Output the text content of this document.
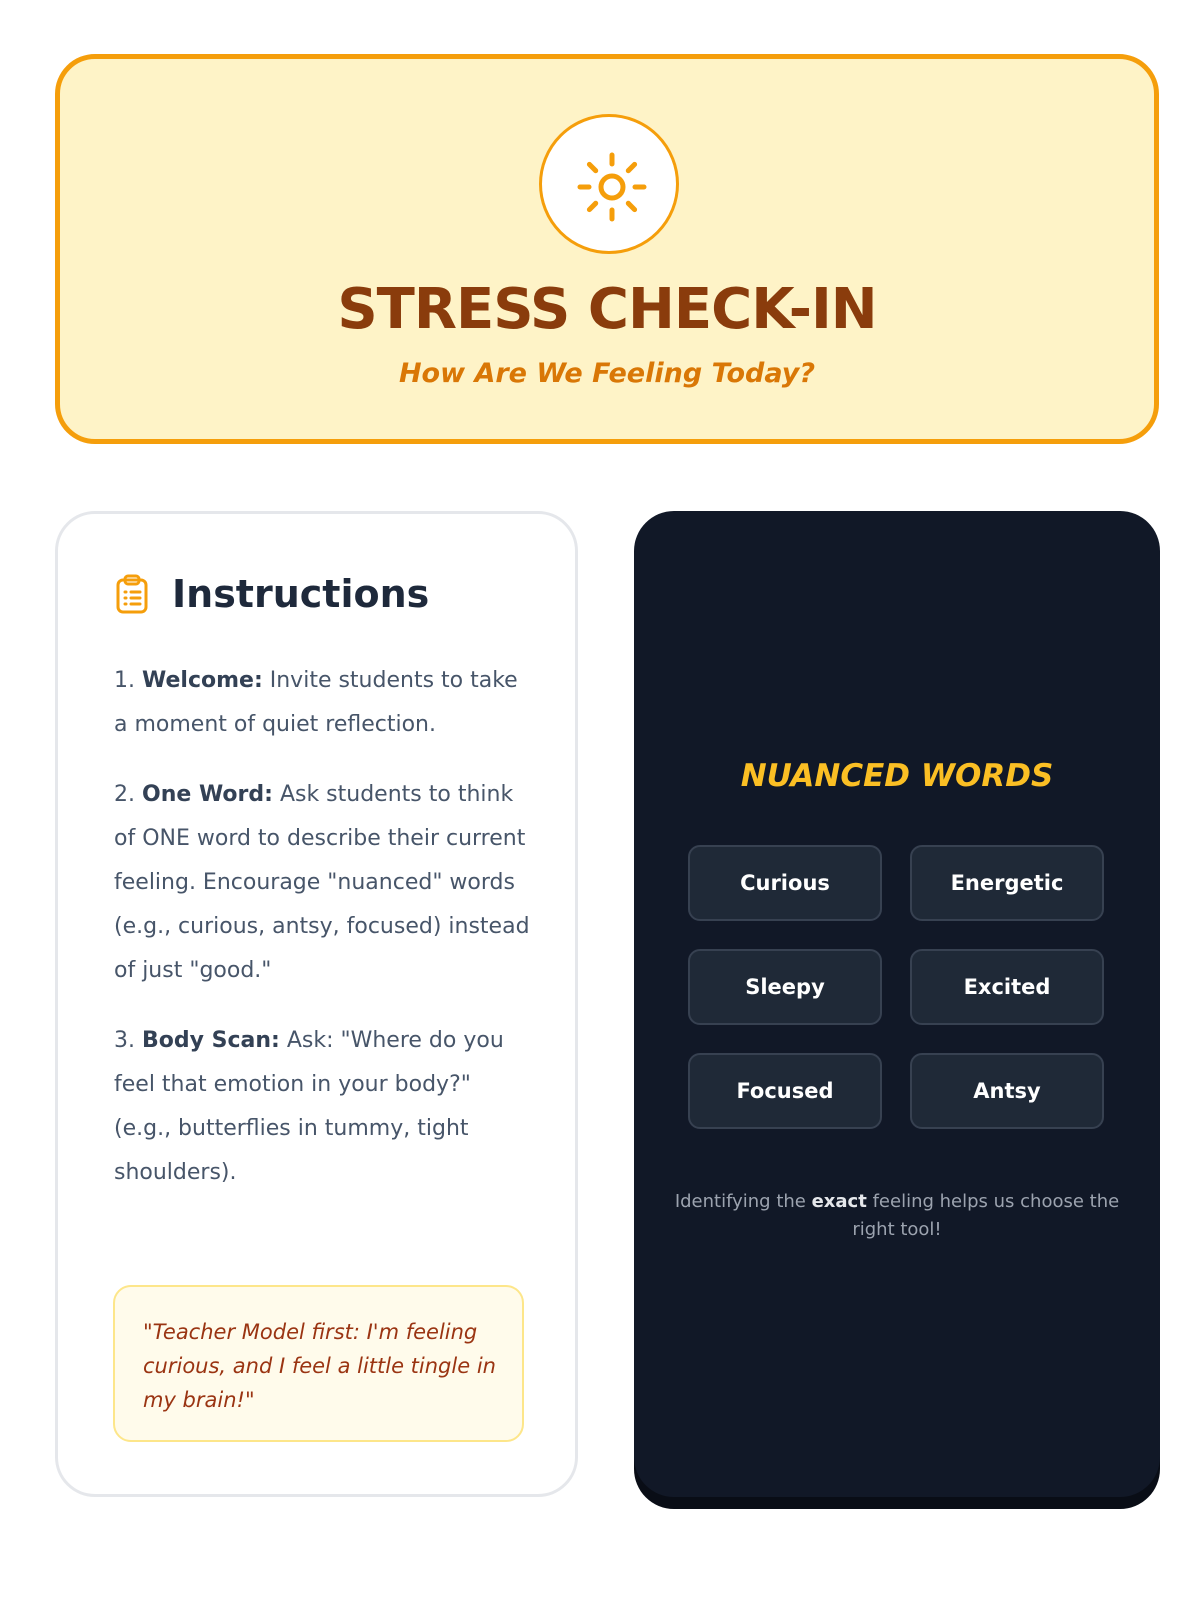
STRESS CHECK-IN
How Are We Feeling Today?
Instructions

1. Welcome: Invite students to take a moment of quiet reflection.

2. One Word: Ask students to think of ONE word to describe their current feeling. Encourage "nuanced" words (e.g., curious, antsy, focused) instead of just "good."

3. Body Scan: Ask: "Where do you feel that emotion in your body?" (e.g., butterflies in tummy, tight shoulders).

"Teacher Model first: I'm feeling curious, and I feel a little tingle in my brain!"

NUANCED WORDS
Curious	Energetic
Sleepy	Excited
Focused	Antsy

Identifying the exact feeling helps us choose the right tool!
